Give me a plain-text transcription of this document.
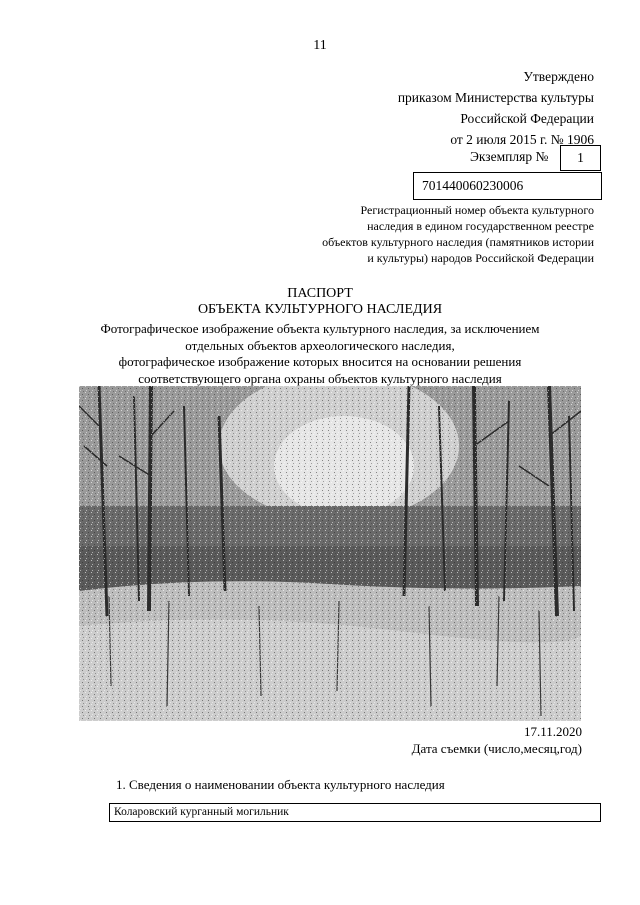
11
Утверждено
приказом Министерства культуры
Российской Федерации
от 2 июля 2015 г. № 1906
Экземпляр №	1
701440060230006
Регистрационный номер объекта культурного
наследия в едином государственном реестре
объектов культурного наследия (памятников истории
и культуры) народов Российской Федерации
ПАСПОРТ
ОБЪЕКТА КУЛЬТУРНОГО НАСЛЕДИЯ
Фотографическое изображение объекта культурного наследия, за исключением
отдельных объектов археологического наследия,
фотографическое изображение которых вносится на основании решения
соответствующего органа охраны объектов культурного наследия
17.11.2020
Дата съемки (число,месяц,год)
1. Сведения о наименовании объекта культурного наследия
Коларовский курганный могильник
